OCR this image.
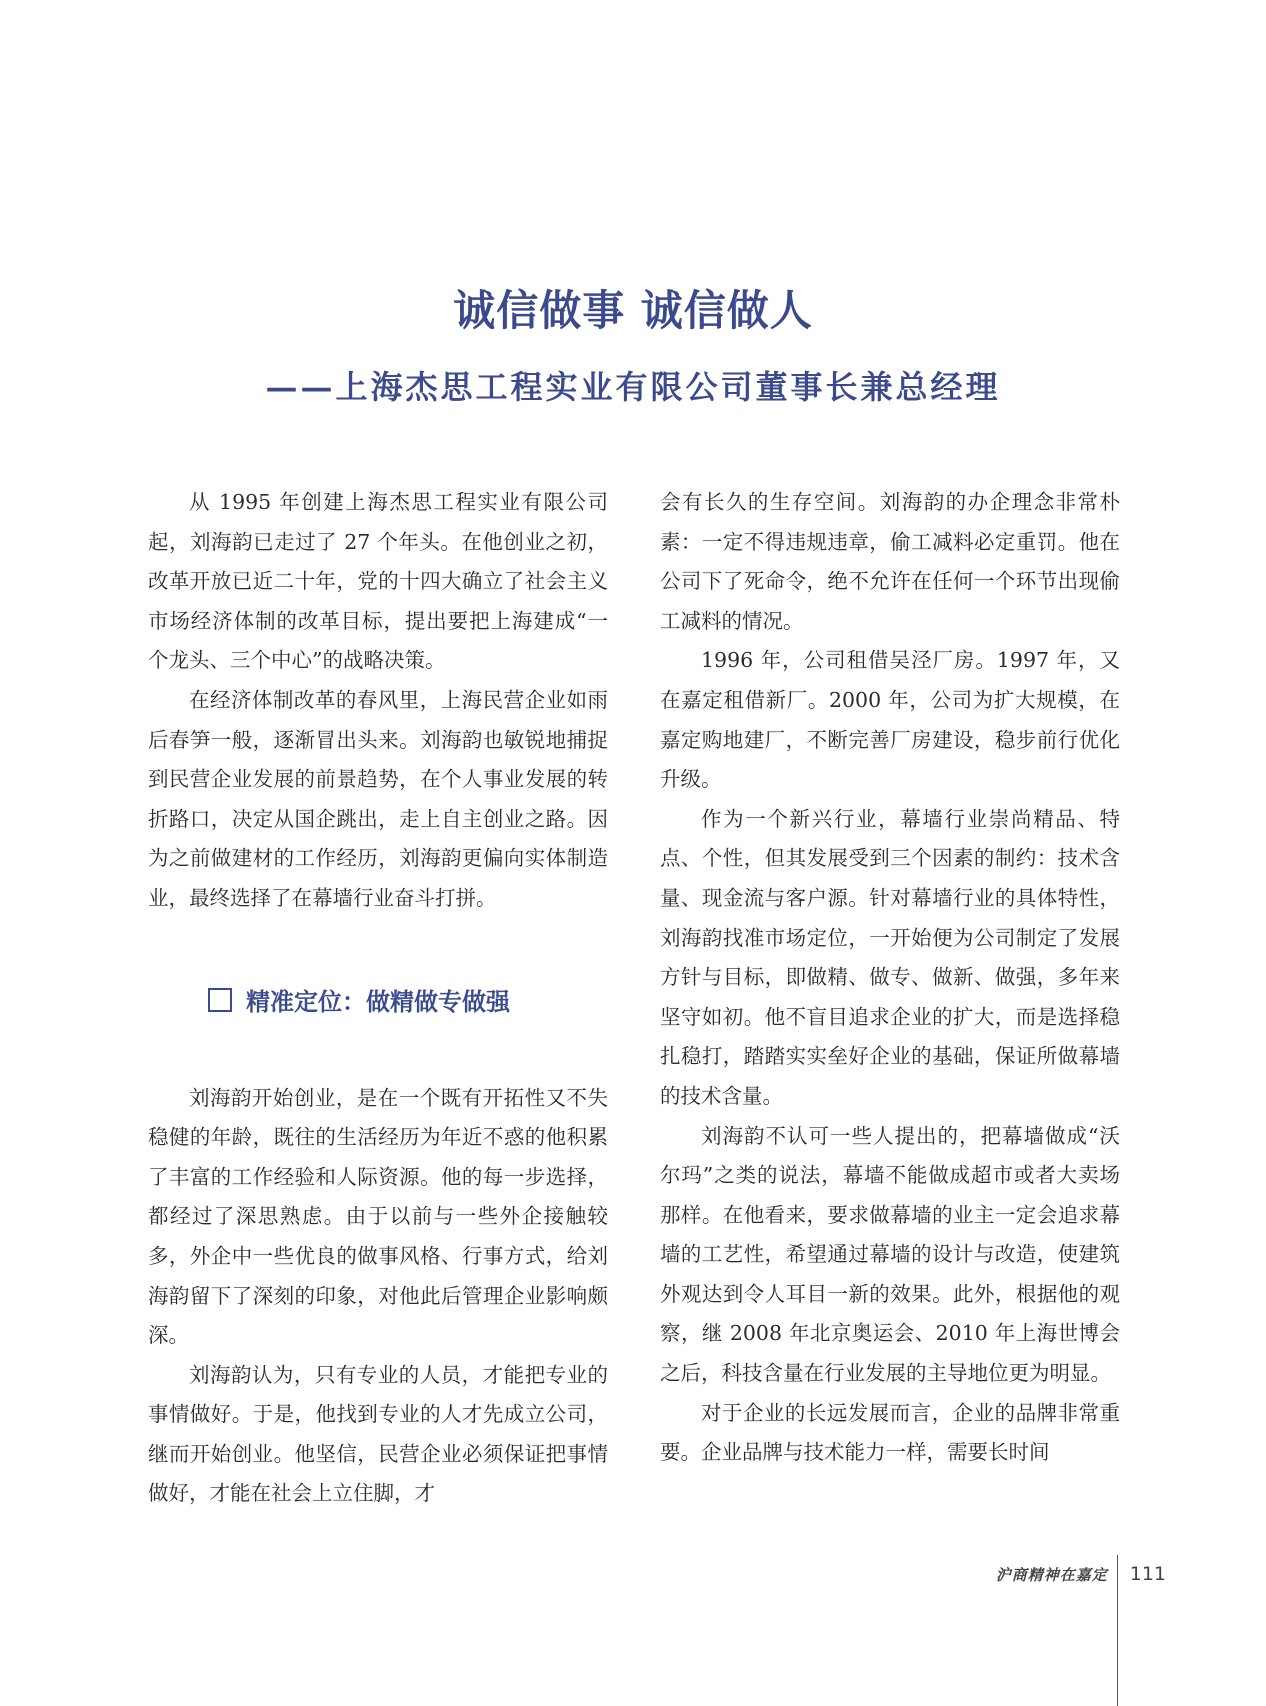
诚信做事 诚信做人
——上海杰思工程实业有限公司董事长兼总经理

从 1995 年创建上海杰思工程实业有限公司起，刘海韵已走过了 27 个年头。在他创业之初，改革开放已近二十年，党的十四大确立了社会主义市场经济体制的改革目标，提出要把上海建成“一个龙头、三个中心”的战略决策。

在经济体制改革的春风里，上海民营企业如雨后春笋一般，逐渐冒出头来。刘海韵也敏锐地捕捉到民营企业发展的前景趋势，在个人事业发展的转折路口，决定从国企跳出，走上自主创业之路。因为之前做建材的工作经历，刘海韵更偏向实体制造业，最终选择了在幕墙行业奋斗打拼。

精准定位：做精做专做强

刘海韵开始创业，是在一个既有开拓性又不失稳健的年龄，既往的生活经历为年近不惑的他积累了丰富的工作经验和人际资源。他的每一步选择，都经过了深思熟虑。由于以前与一些外企接触较多，外企中一些优良的做事风格、行事方式，给刘海韵留下了深刻的印象，对他此后管理企业影响颇深。

刘海韵认为，只有专业的人员，才能把专业的事情做好。于是，他找到专业的人才先成立公司，继而开始创业。他坚信，民营企业必须保证把事情做好，才能在社会上立住脚，才

会有长久的生存空间。刘海韵的办企理念非常朴素：一定不得违规违章，偷工减料必定重罚。他在公司下了死命令，绝不允许在任何一个环节出现偷工减料的情况。

1996 年，公司租借吴泾厂房。1997 年，又在嘉定租借新厂。2000 年，公司为扩大规模，在嘉定购地建厂，不断完善厂房建设，稳步前行优化升级。

作为一个新兴行业，幕墙行业崇尚精品、特点、个性，但其发展受到三个因素的制约：技术含量、现金流与客户源。针对幕墙行业的具体特性，刘海韵找准市场定位，一开始便为公司制定了发展方针与目标，即做精、做专、做新、做强，多年来坚守如初。他不盲目追求企业的扩大，而是选择稳扎稳打，踏踏实实垒好企业的基础，保证所做幕墙的技术含量。

刘海韵不认可一些人提出的，把幕墙做成“沃尔玛”之类的说法，幕墙不能做成超市或者大卖场那样。在他看来，要求做幕墙的业主一定会追求幕墙的工艺性，希望通过幕墙的设计与改造，使建筑外观达到令人耳目一新的效果。此外，根据他的观察，继 2008 年北京奥运会、2010 年上海世博会之后，科技含量在行业发展的主导地位更为明显。

对于企业的长远发展而言，企业的品牌非常重要。企业品牌与技术能力一样，需要长时间

沪商精神在嘉定 111
